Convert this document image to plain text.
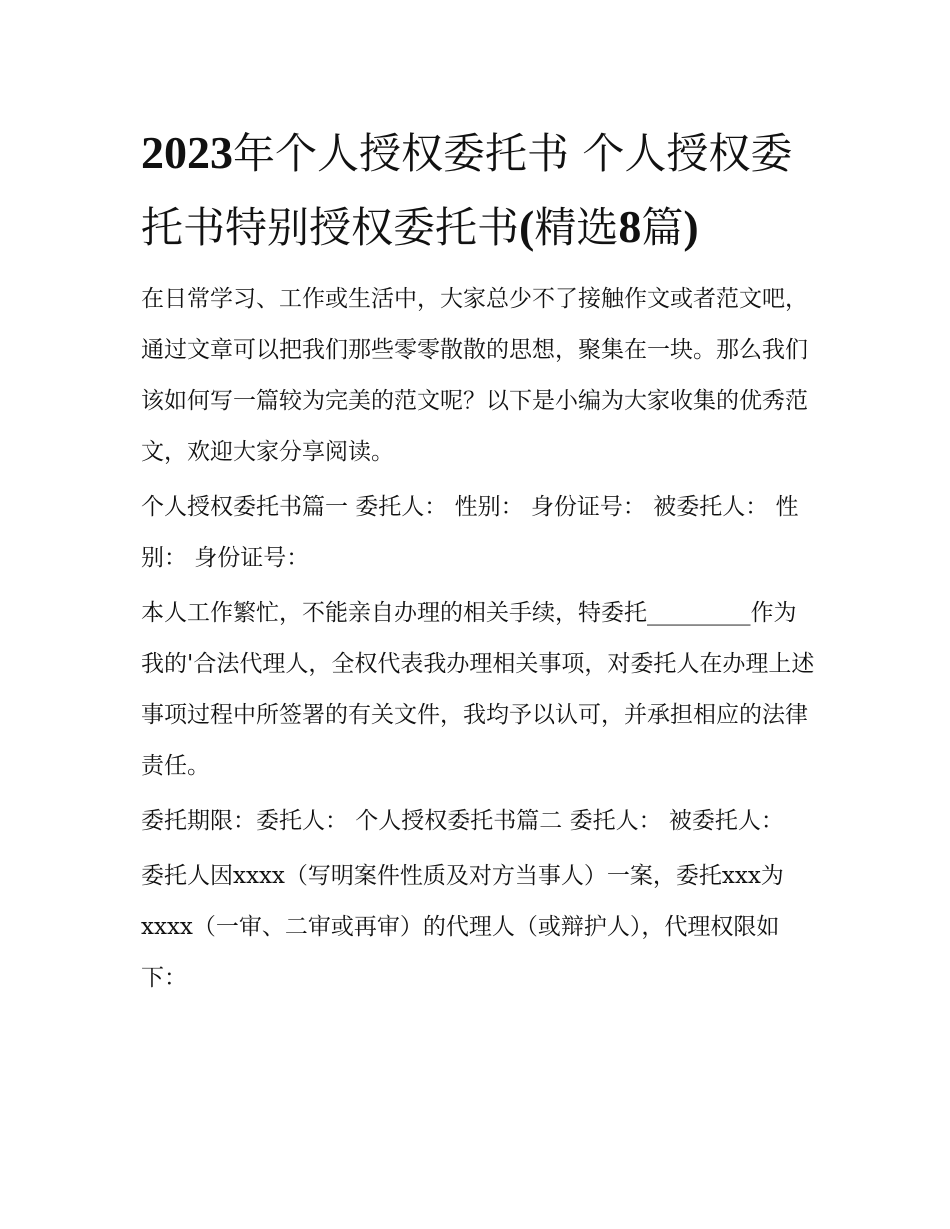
2023年个人授权委托书 个人授权委托书特别授权委托书(精选8篇)

在日常学习、工作或生活中，大家总少不了接触作文或者范文吧，通过文章可以把我们那些零零散散的思想，聚集在一块。那么我们该如何写一篇较为完美的范文呢？以下是小编为大家收集的优秀范文，欢迎大家分享阅读。

个人授权委托书篇一 委托人： 性别： 身份证号： 被委托人： 性别： 身份证号：

本人工作繁忙，不能亲自办理的相关手续，特委托_________作为我的'合法代理人，全权代表我办理相关事项，对委托人在办理上述事项过程中所签署的有关文件，我均予以认可，并承担相应的法律责任。

委托期限：委托人： 个人授权委托书篇二 委托人： 被委托人：

委托人因xxxx（写明案件性质及对方当事人）一案，委托xxx为xxxx（一审、二审或再审）的代理人（或辩护人），代理权限如下：
